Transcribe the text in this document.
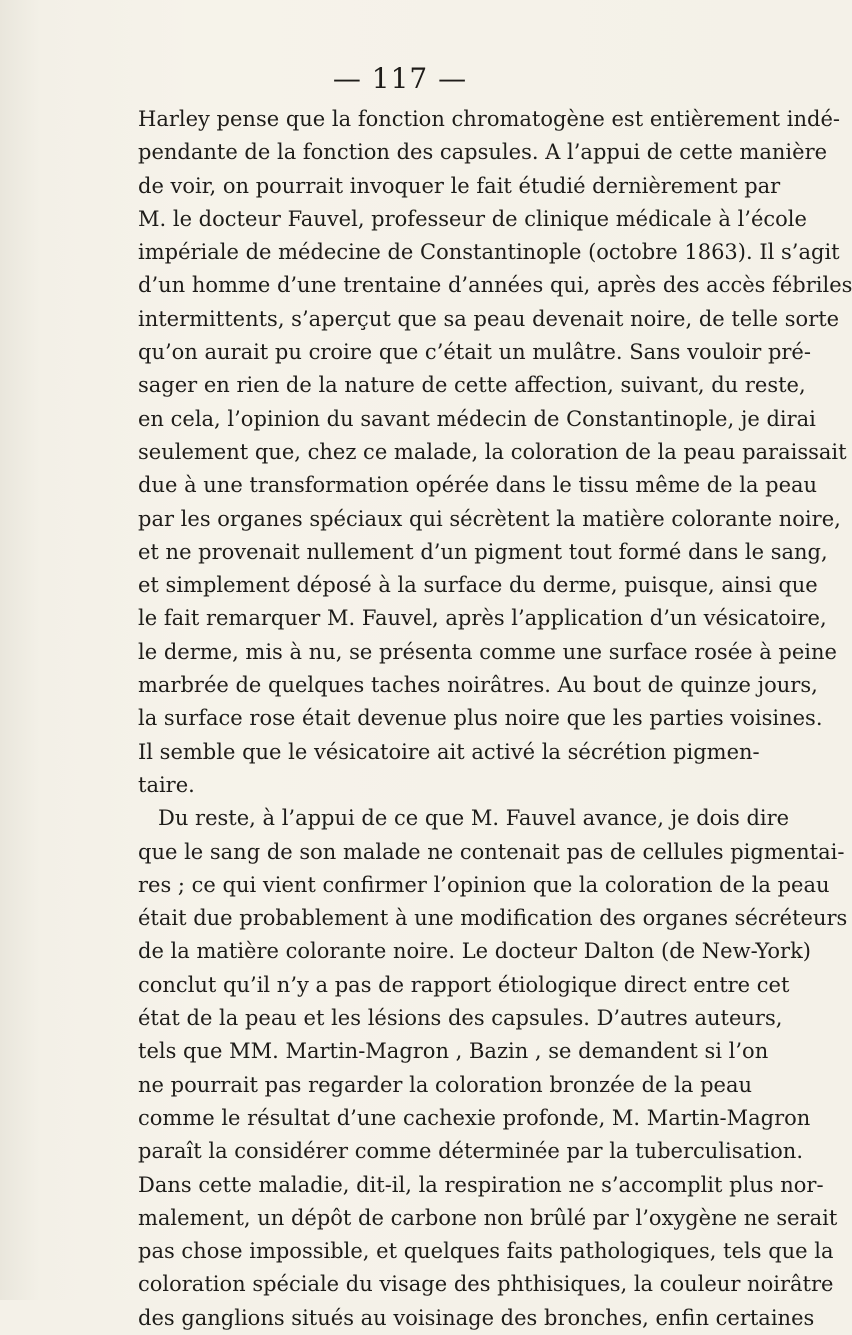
— 117 —
Harley pense que la fonction chromatogène est entièrement indé-
pendante de la fonction des capsules. A l’appui de cette manière
de voir, on pourrait invoquer le fait étudié dernièrement par
M. le docteur Fauvel, professeur de clinique médicale à l’école
impériale de médecine de Constantinople (octobre 1863). Il s’agit
d’un homme d’une trentaine d’années qui, après des accès fébriles
intermittents, s’aperçut que sa peau devenait noire, de telle sorte
qu’on aurait pu croire que c’était un mulâtre. Sans vouloir pré-
sager en rien de la nature de cette affection, suivant, du reste,
en cela, l’opinion du savant médecin de Constantinople, je dirai
seulement que, chez ce malade, la coloration de la peau paraissait
due à une transformation opérée dans le tissu même de la peau
par les organes spéciaux qui sécrètent la matière colorante noire,
et ne provenait nullement d’un pigment tout formé dans le sang,
et simplement déposé à la surface du derme, puisque, ainsi que
le fait remarquer M. Fauvel, après l’application d’un vésicatoire,
le derme, mis à nu, se présenta comme une surface rosée à peine
marbrée de quelques taches noirâtres. Au bout de quinze jours,
la surface rose était devenue plus noire que les parties voisines.
Il semble que le vésicatoire ait activé la sécrétion pigmen-
taire.
Du reste, à l’appui de ce que M. Fauvel avance, je dois dire
que le sang de son malade ne contenait pas de cellules pigmentai-
res ; ce qui vient confirmer l’opinion que la coloration de la peau
était due probablement à une modification des organes sécréteurs
de la matière colorante noire. Le docteur Dalton (de New-York)
conclut qu’il n’y a pas de rapport étiologique direct entre cet
état de la peau et les lésions des capsules. D’autres auteurs,
tels que MM. Martin-Magron , Bazin , se demandent si l’on
ne pourrait pas regarder la coloration bronzée de la peau
comme le résultat d’une cachexie profonde, M. Martin-Magron
paraît la considérer comme déterminée par la tuberculisation.
Dans cette maladie, dit-il, la respiration ne s’accomplit plus nor-
malement, un dépôt de carbone non brûlé par l’oxygène ne serait
pas chose impossible, et quelques faits pathologiques, tels que la
coloration spéciale du visage des phthisiques, la couleur noirâtre
des ganglions situés au voisinage des bronches, enfin certaines
